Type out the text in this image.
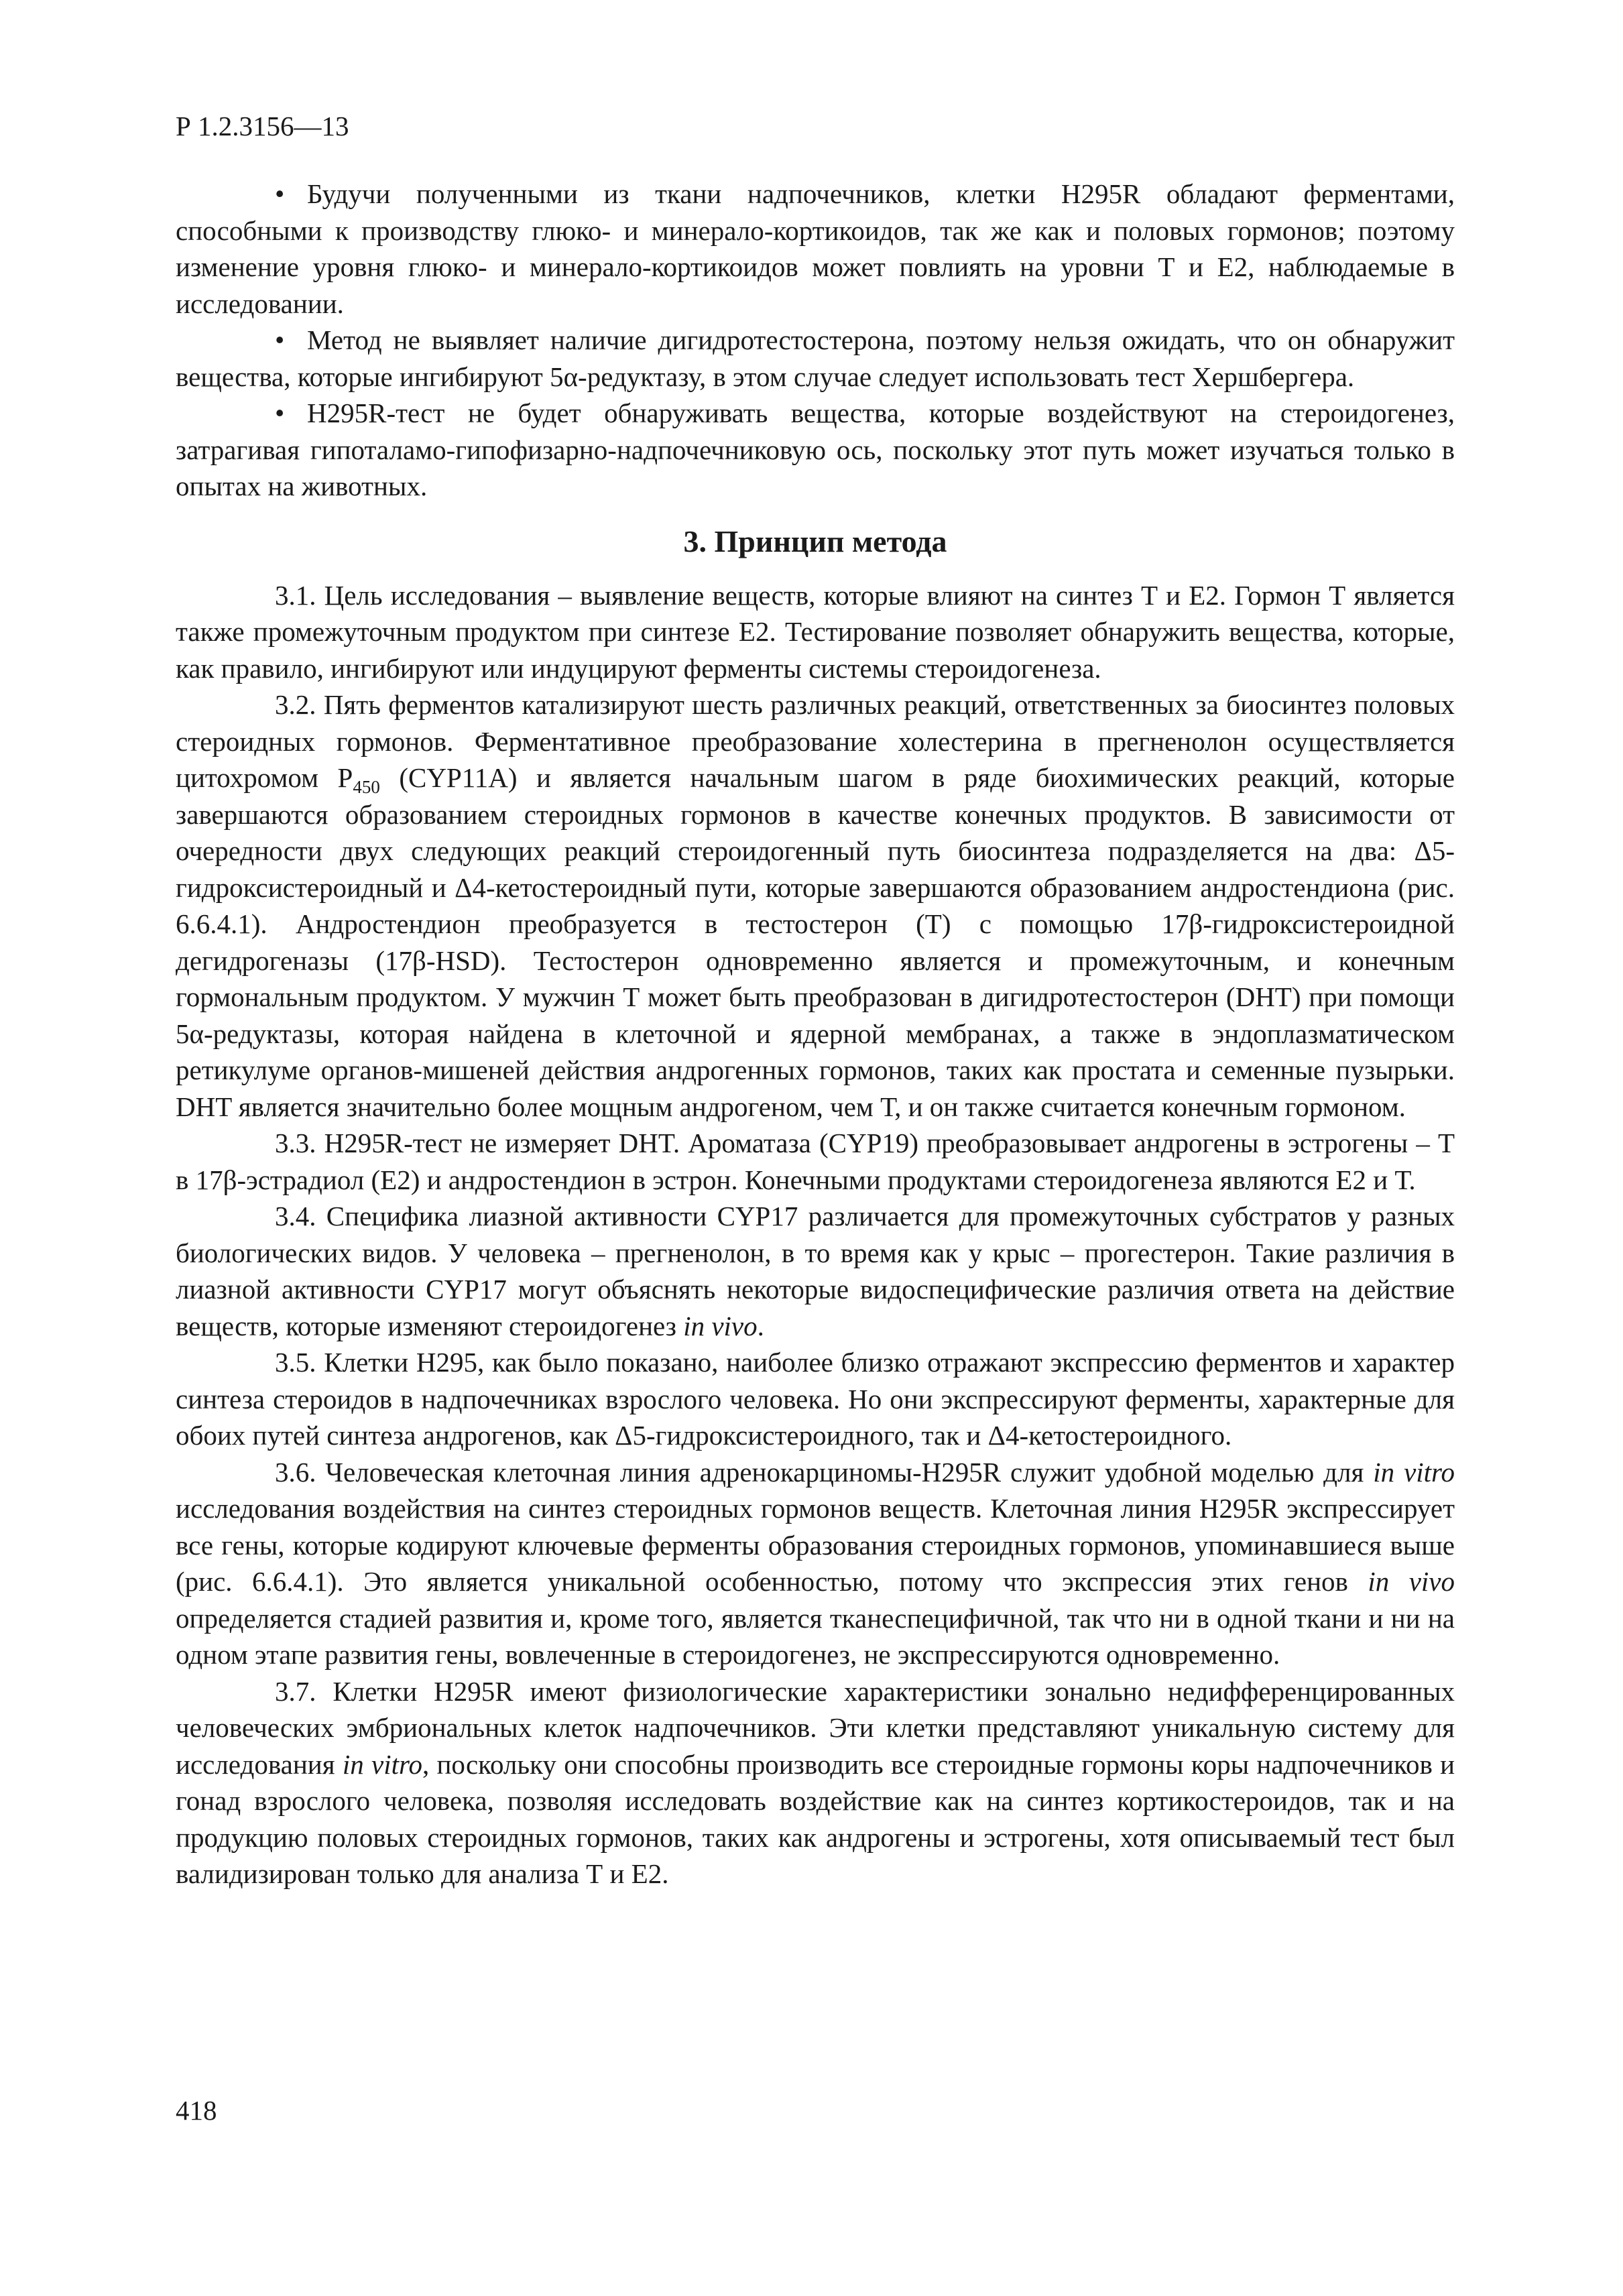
Р 1.2.3156—13

• Будучи полученными из ткани надпочечников, клетки H295R обладают ферментами, способными к производству глюко- и минерало-кортикоидов, так же как и половых гормонов; поэтому изменение уровня глюко- и минерало-кортикоидов может повлиять на уровни Т и Е2, наблюдаемые в исследовании.

• Метод не выявляет наличие дигидротестостерона, поэтому нельзя ожидать, что он обнаружит вещества, которые ингибируют 5α-редуктазу, в этом случае следует использовать тест Хершбергера.

• H295R-тест не будет обнаруживать вещества, которые воздействуют на стероидогенез, затрагивая гипоталамо-гипофизарно-надпочечниковую ось, поскольку этот путь может изучаться только в опытах на животных.

3. Принцип метода

3.1. Цель исследования – выявление веществ, которые влияют на синтез Т и Е2. Гормон Т является также промежуточным продуктом при синтезе Е2. Тестирование позволяет обнаружить вещества, которые, как правило, ингибируют или индуцируют ферменты системы стероидогенеза.

3.2. Пять ферментов катализируют шесть различных реакций, ответственных за биосинтез половых стероидных гормонов. Ферментативное преобразование холестерина в прегненолон осуществляется цитохромом $P_{450}$ (CYP11A) и является начальным шагом в ряде биохимических реакций, которые завершаются образованием стероидных гормонов в качестве конечных продуктов. В зависимости от очередности двух следующих реакций стероидогенный путь биосинтеза подразделяется на два: Δ5-гидроксистероидный и Δ4-кетостероидный пути, которые завершаются образованием андростендиона (рис. 6.6.4.1). Андростендион преобразуется в тестостерон (Т) с помощью 17β-гидроксистероидной дегидрогеназы (17β-HSD). Тестостерон одновременно является и промежуточным, и конечным гормональным продуктом. У мужчин Т может быть преобразован в дигидротестостерон (DHT) при помощи 5α-редуктазы, которая найдена в клеточной и ядерной мембранах, а также в эндоплазматическом ретикулуме органов-мишеней действия андрогенных гормонов, таких как простата и семенные пузырьки. DHT является значительно более мощным андрогеном, чем Т, и он также считается конечным гормоном.

3.3. H295R-тест не измеряет DHT. Ароматаза (CYP19) преобразовывает андрогены в эстрогены – Т в 17β-эстрадиол (Е2) и андростендион в эстрон. Конечными продуктами стероидогенеза являются Е2 и Т.

3.4. Специфика лиазной активности CYP17 различается для промежуточных субстратов у разных биологических видов. У человека – прегненолон, в то время как у крыс – прогестерон. Такие различия в лиазной активности CYP17 могут объяснять некоторые видоспецифические различия ответа на действие веществ, которые изменяют стероидогенез in vivo.

3.5. Клетки H295, как было показано, наиболее близко отражают экспрессию ферментов и характер синтеза стероидов в надпочечниках взрослого человека. Но они экспрессируют ферменты, характерные для обоих путей синтеза андрогенов, как Δ5-гидроксистероидного, так и Δ4-кетостероидного.

3.6. Человеческая клеточная линия адренокарциномы-H295R служит удобной моделью для in vitro исследования воздействия на синтез стероидных гормонов веществ. Клеточная линия H295R экспрессирует все гены, которые кодируют ключевые ферменты образования стероидных гормонов, упоминавшиеся выше (рис. 6.6.4.1). Это является уникальной особенностью, потому что экспрессия этих генов in vivo определяется стадией развития и, кроме того, является тканеспецифичной, так что ни в одной ткани и ни на одном этапе развития гены, вовлеченные в стероидогенез, не экспрессируются одновременно.

3.7. Клетки H295R имеют физиологические характеристики зонально недифференцированных человеческих эмбриональных клеток надпочечников. Эти клетки представляют уникальную систему для исследования in vitro, поскольку они способны производить все стероидные гормоны коры надпочечников и гонад взрослого человека, позволяя исследовать воздействие как на синтез кортикостероидов, так и на продукцию половых стероидных гормонов, таких как андрогены и эстрогены, хотя описываемый тест был валидизирован только для анализа Т и Е2.

418
